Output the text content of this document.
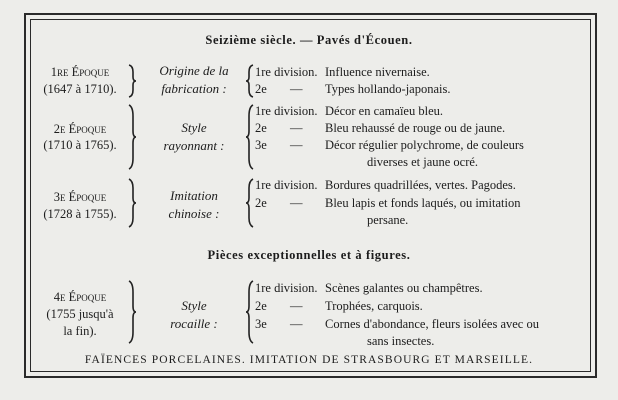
Seizième siècle. — Pavés d'Écouen.
1re Époque
(1647 à 1710).
Origine de la
fabrication :
1re division. Influence nivernaise.
2e — Types hollando-japonais.
2e Époque
(1710 à 1765).
Style
rayonnant :
1re division. Décor en camaïeu bleu.
2e — Bleu rehaussé de rouge ou de jaune.
3e — Décor régulier polychrome, de couleurs
diverses et jaune ocré.
3e Époque
(1728 à 1755).
Imitation
chinoise :
1re division. Bordures quadrillées, vertes. Pagodes.
2e — Bleu lapis et fonds laqués, ou imitation
persane.
Pièces exceptionnelles et à figures.
4e Époque
(1755 jusqu'à
la fin).
Style
rocaille :
1re division. Scènes galantes ou champêtres.
2e — Trophées, carquois.
3e — Cornes d'abondance, fleurs isolées avec ou
sans insectes.
FAÏENCES PORCELAINES. IMITATION DE STRASBOURG ET MARSEILLE.
